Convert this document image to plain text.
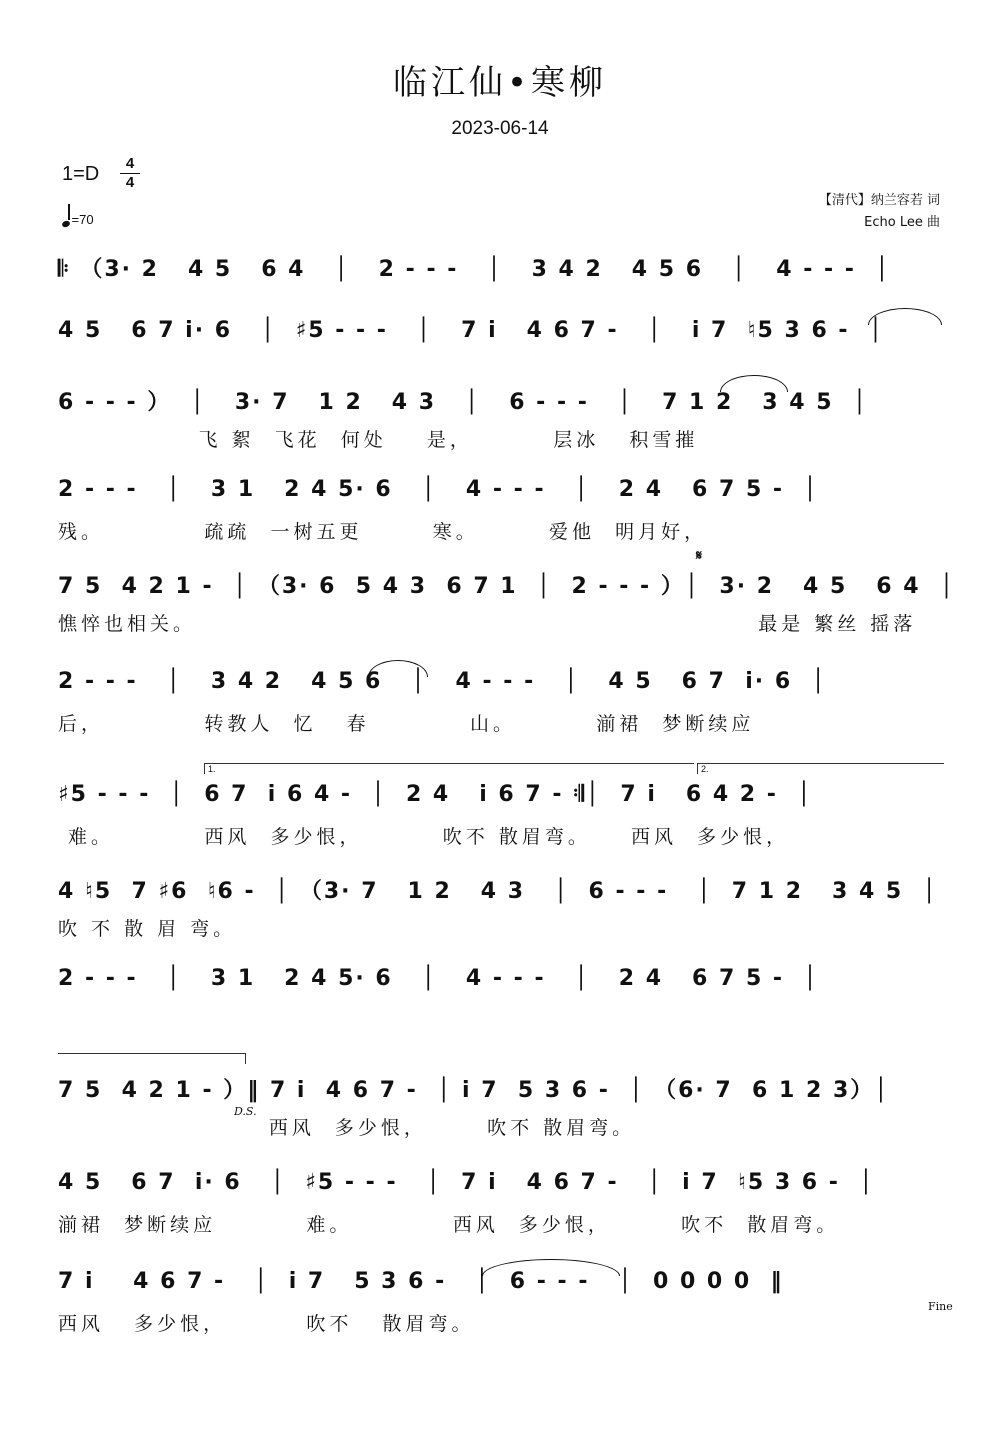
临江仙•寒柳
2023-06-14
1=D	4
4
=70
【清代】纳兰容若 词
Echo Lee 曲
𝄆 （3· 2   4 5   6 4   │   2 - - -   │   3 4 2   4 5 6   │   4 - - -  │
4 5   6 7 i· 6   │  ♯5 - - -   │   7 i   4 6 7 -   │   i 7  ♮5 3 6 -  │
6 - - - ）  │   3· 7   1 2   4 3   │   6 - - -   │   7 1 2   3 4 5  │
飞 絮  飞花  何处    是，        层冰   积雪摧
2 - - -   │   3 1   2 4 5· 6   │   4 - - -   │   2 4   6 7 5 -  │
残。          疏疏  一树五更       寒。       爱他  明月好，
𝄋
7 5  4 2 1 -  │ （3· 6  5 4 3  6 7 1  │  2 - - - ）│  3· 2   4 5   6 4  │
憔悴也相关。                                                        最是 繁丝 摇落
2 - - -   │   3 4 2   4 5 6   │   4 - - -   │   4 5   6 7  i· 6  │
后，          转教人  忆   春          山。        湔裙  梦断续应
1.	2.
♯5 - - -  │  6 7  i 6 4 -  │  2 4   i 6 7 - 𝄇│  7 i   6 4 2 -  │
难。         西风  多少恨，        吹不 散眉弯。    西风  多少恨，
4 ♮5  7 ♯6  ♮6 -  │ （3· 7   1 2   4 3   │  6 - - -   │  7 1 2   3 4 5  │
吹 不 散 眉 弯。
2 - - -   │   3 1   2 4 5· 6   │   4 - - -   │   2 4   6 7 5 -  │
7 5  4 2 1 - ）‖ 7 i  4 6 7 -  │ i 7  5 3 6 -  │ （6· 7  6 1 2 3）│
西风  多少恨，      吹不 散眉弯。
D.S.
4 5   6 7  i· 6   │  ♯5 - - -   │  7 i   4 6 7 -   │  i 7  ♮5 3 6 -  │
湔裙  梦断续应         难。          西风  多少恨，       吹不  散眉弯。
7 i    4 6 7 -   │  i 7   5 3 6 -   │  6 - - -   │  0 0 0 0  ‖
西风   多少恨，        吹不   散眉弯。
Fine
